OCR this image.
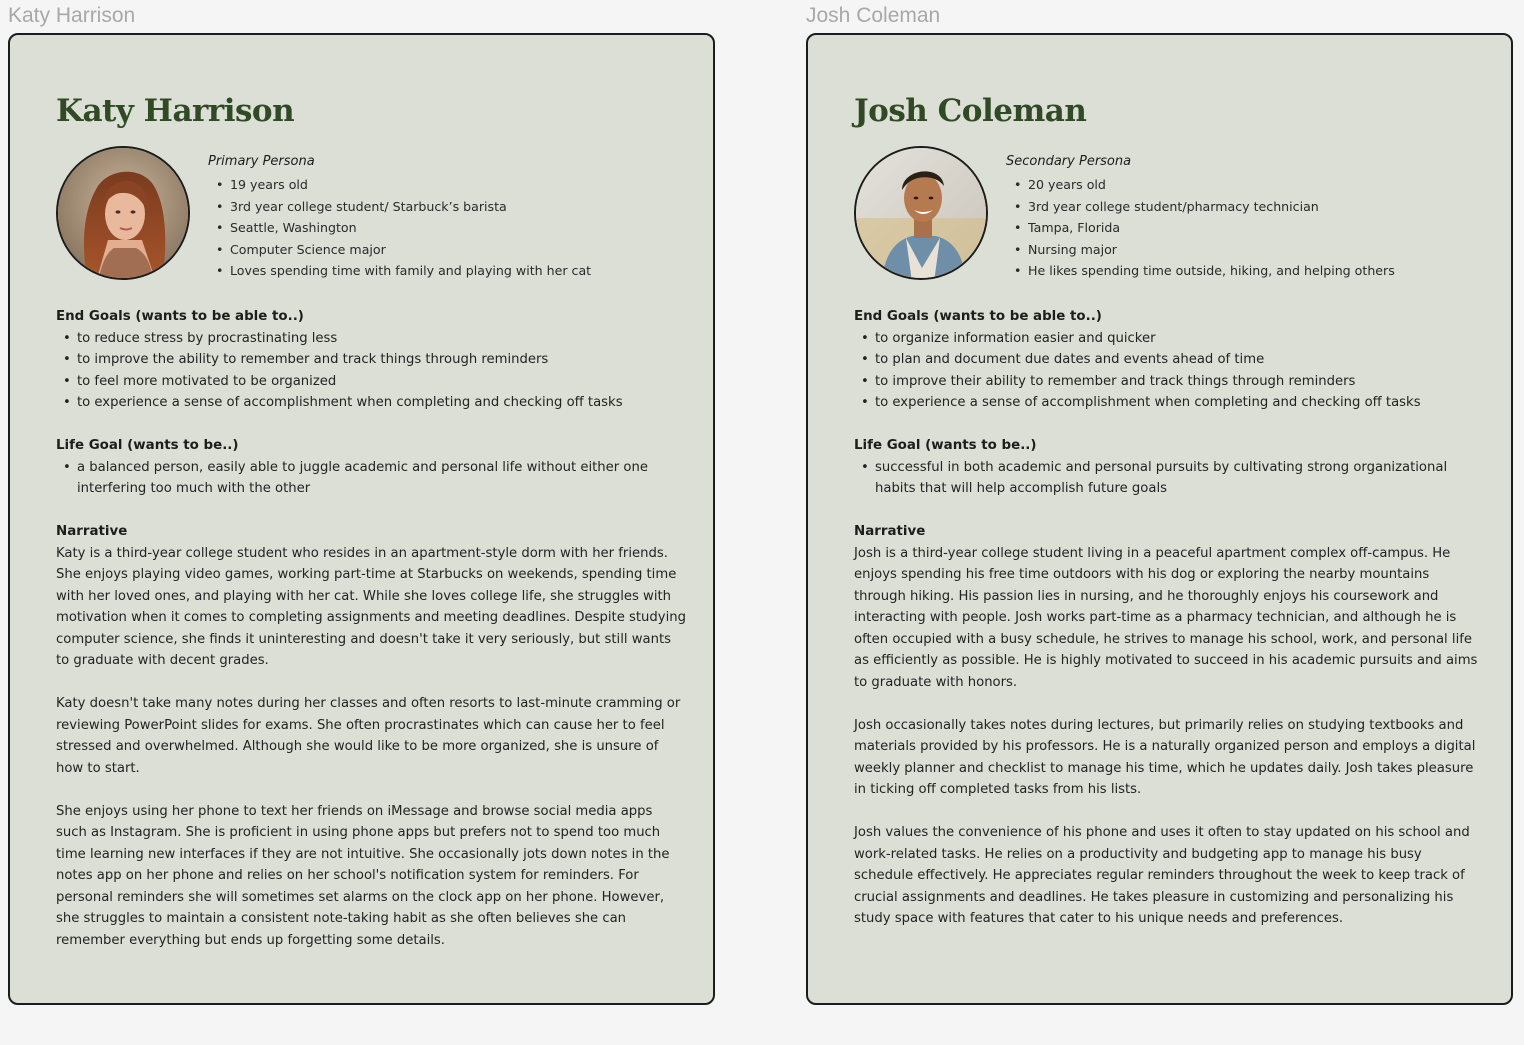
Katy Harrison	Josh Coleman
Katy Harrison

Primary Persona

• 19 years old
• 3rd year college student/ Starbuck’s barista
• Seattle, Washington
• Computer Science major
• Loves spending time with family and playing with her cat

End Goals (wants to be able to..)

• to reduce stress by procrastinating less
• to improve the ability to remember and track things through reminders
• to feel more motivated to be organized
• to experience a sense of accomplishment when completing and checking off tasks

Life Goal (wants to be..)

• a balanced person, easily able to juggle academic and personal life without either one interfering too much with the other

Narrative

Katy is a third-year college student who resides in an apartment-style dorm with her friends. She enjoys playing video games, working part-time at Starbucks on weekends, spending time with her loved ones, and playing with her cat. While she loves college life, she struggles with motivation when it comes to completing assignments and meeting deadlines. Despite studying computer science, she finds it uninteresting and doesn't take it very seriously, but still wants to graduate with decent grades.

Katy doesn't take many notes during her classes and often resorts to last-minute cramming or reviewing PowerPoint slides for exams. She often procrastinates which can cause her to feel stressed and overwhelmed. Although she would like to be more organized, she is unsure of how to start.

She enjoys using her phone to text her friends on iMessage and browse social media apps such as Instagram. She is proficient in using phone apps but prefers not to spend too much time learning new interfaces if they are not intuitive. She occasionally jots down notes in the notes app on her phone and relies on her school's notification system for reminders. For personal reminders she will sometimes set alarms on the clock app on her phone. However, she struggles to maintain a consistent note-taking habit as she often believes she can remember everything but ends up forgetting some details.

Josh Coleman

Secondary Persona

• 20 years old
• 3rd year college student/pharmacy technician
• Tampa, Florida
• Nursing major
• He likes spending time outside, hiking, and helping others

End Goals (wants to be able to..)

• to organize information easier and quicker
• to plan and document due dates and events ahead of time
• to improve their ability to remember and track things through reminders
• to experience a sense of accomplishment when completing and checking off tasks

Life Goal (wants to be..)

• successful in both academic and personal pursuits by cultivating strong organizational habits that will help accomplish future goals

Narrative

Josh is a third-year college student living in a peaceful apartment complex off-campus. He enjoys spending his free time outdoors with his dog or exploring the nearby mountains through hiking. His passion lies in nursing, and he thoroughly enjoys his coursework and interacting with people. Josh works part-time as a pharmacy technician, and although he is often occupied with a busy schedule, he strives to manage his school, work, and personal life as efficiently as possible. He is highly motivated to succeed in his academic pursuits and aims to graduate with honors.

Josh occasionally takes notes during lectures, but primarily relies on studying textbooks and materials provided by his professors. He is a naturally organized person and employs a digital weekly planner and checklist to manage his time, which he updates daily. Josh takes pleasure in ticking off completed tasks from his lists.

Josh values the convenience of his phone and uses it often to stay updated on his school and work-related tasks. He relies on a productivity and budgeting app to manage his busy schedule effectively. He appreciates regular reminders throughout the week to keep track of crucial assignments and deadlines. He takes pleasure in customizing and personalizing his study space with features that cater to his unique needs and preferences.
